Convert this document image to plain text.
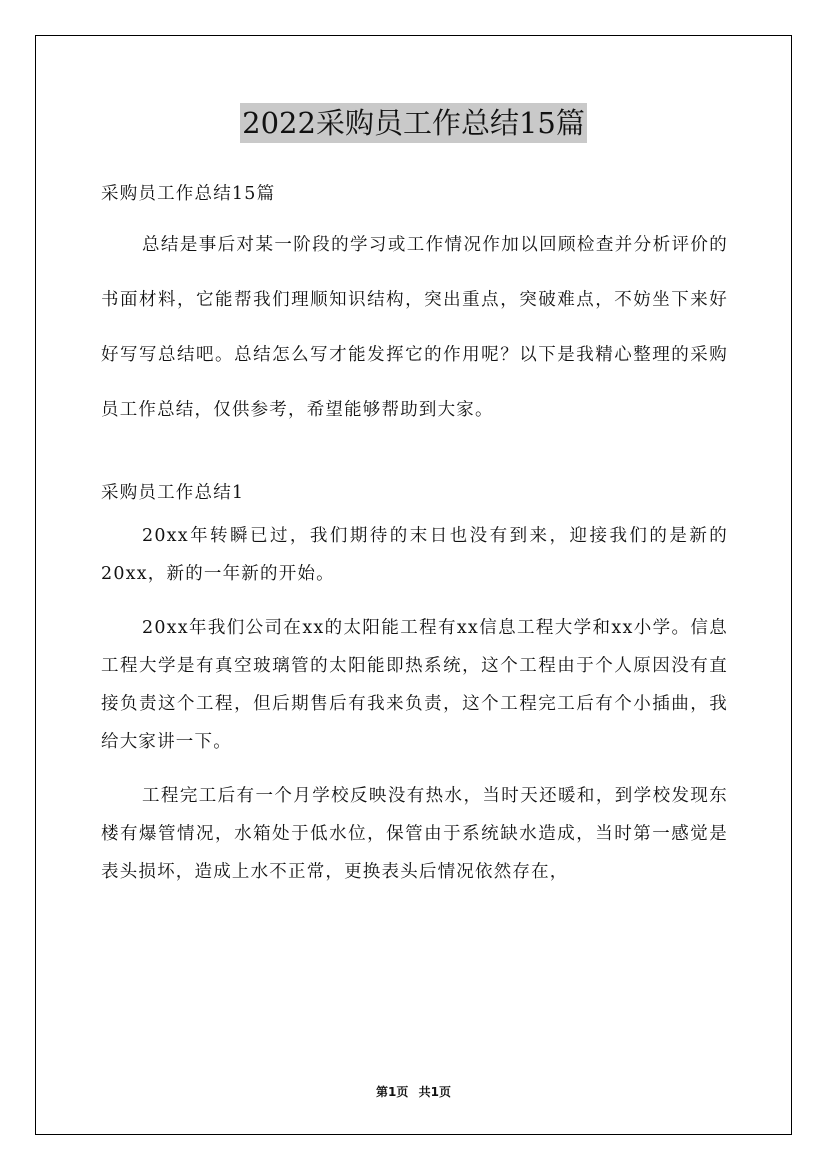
2022采购员工作总结15篇

采购员工作总结15篇

总结是事后对某一阶段的学习或工作情况作加以回顾检查并分析评价的书面材料，它能帮我们理顺知识结构，突出重点，突破难点，不妨坐下来好好写写总结吧。总结怎么写才能发挥它的作用呢？以下是我精心整理的采购员工作总结，仅供参考，希望能够帮助到大家。

采购员工作总结1

20xx年转瞬已过，我们期待的末日也没有到来，迎接我们的是新的20xx，新的一年新的开始。

20xx年我们公司在xx的太阳能工程有xx信息工程大学和xx小学。信息工程大学是有真空玻璃管的太阳能即热系统，这个工程由于个人原因没有直接负责这个工程，但后期售后有我来负责，这个工程完工后有个小插曲，我给大家讲一下。

工程完工后有一个月学校反映没有热水，当时天还暖和，到学校发现东楼有爆管情况，水箱处于低水位，保管由于系统缺水造成，当时第一感觉是表头损坏，造成上水不正常，更换表头后情况依然存在，

第1页 共1页
